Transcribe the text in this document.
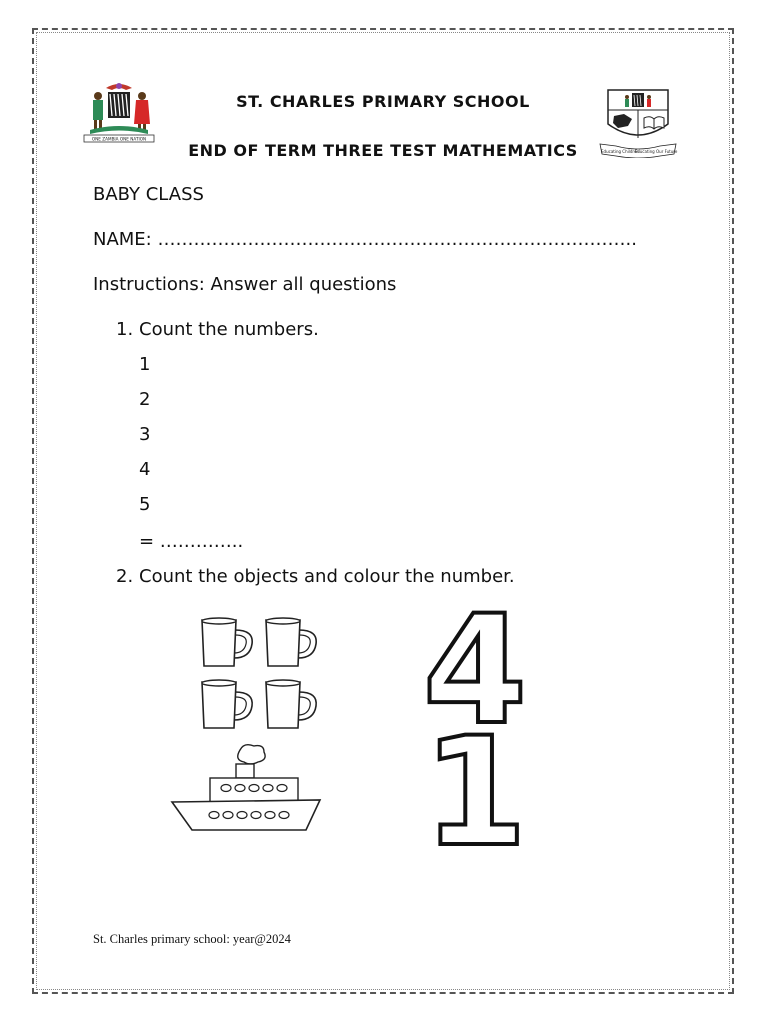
ONE ZAMBIA ONE NATION
Educating Children
Educating Our Future
ST. CHARLES PRIMARY SCHOOL
END OF TERM THREE TEST MATHEMATICS
BABY CLASS
NAME: ……………………………………………………………………..
Instructions: Answer all questions
1. Count the numbers.
1
2
3
4
5
= …………..
2. Count the objects and colour the number.
4
1
St. Charles primary school: year@2024
